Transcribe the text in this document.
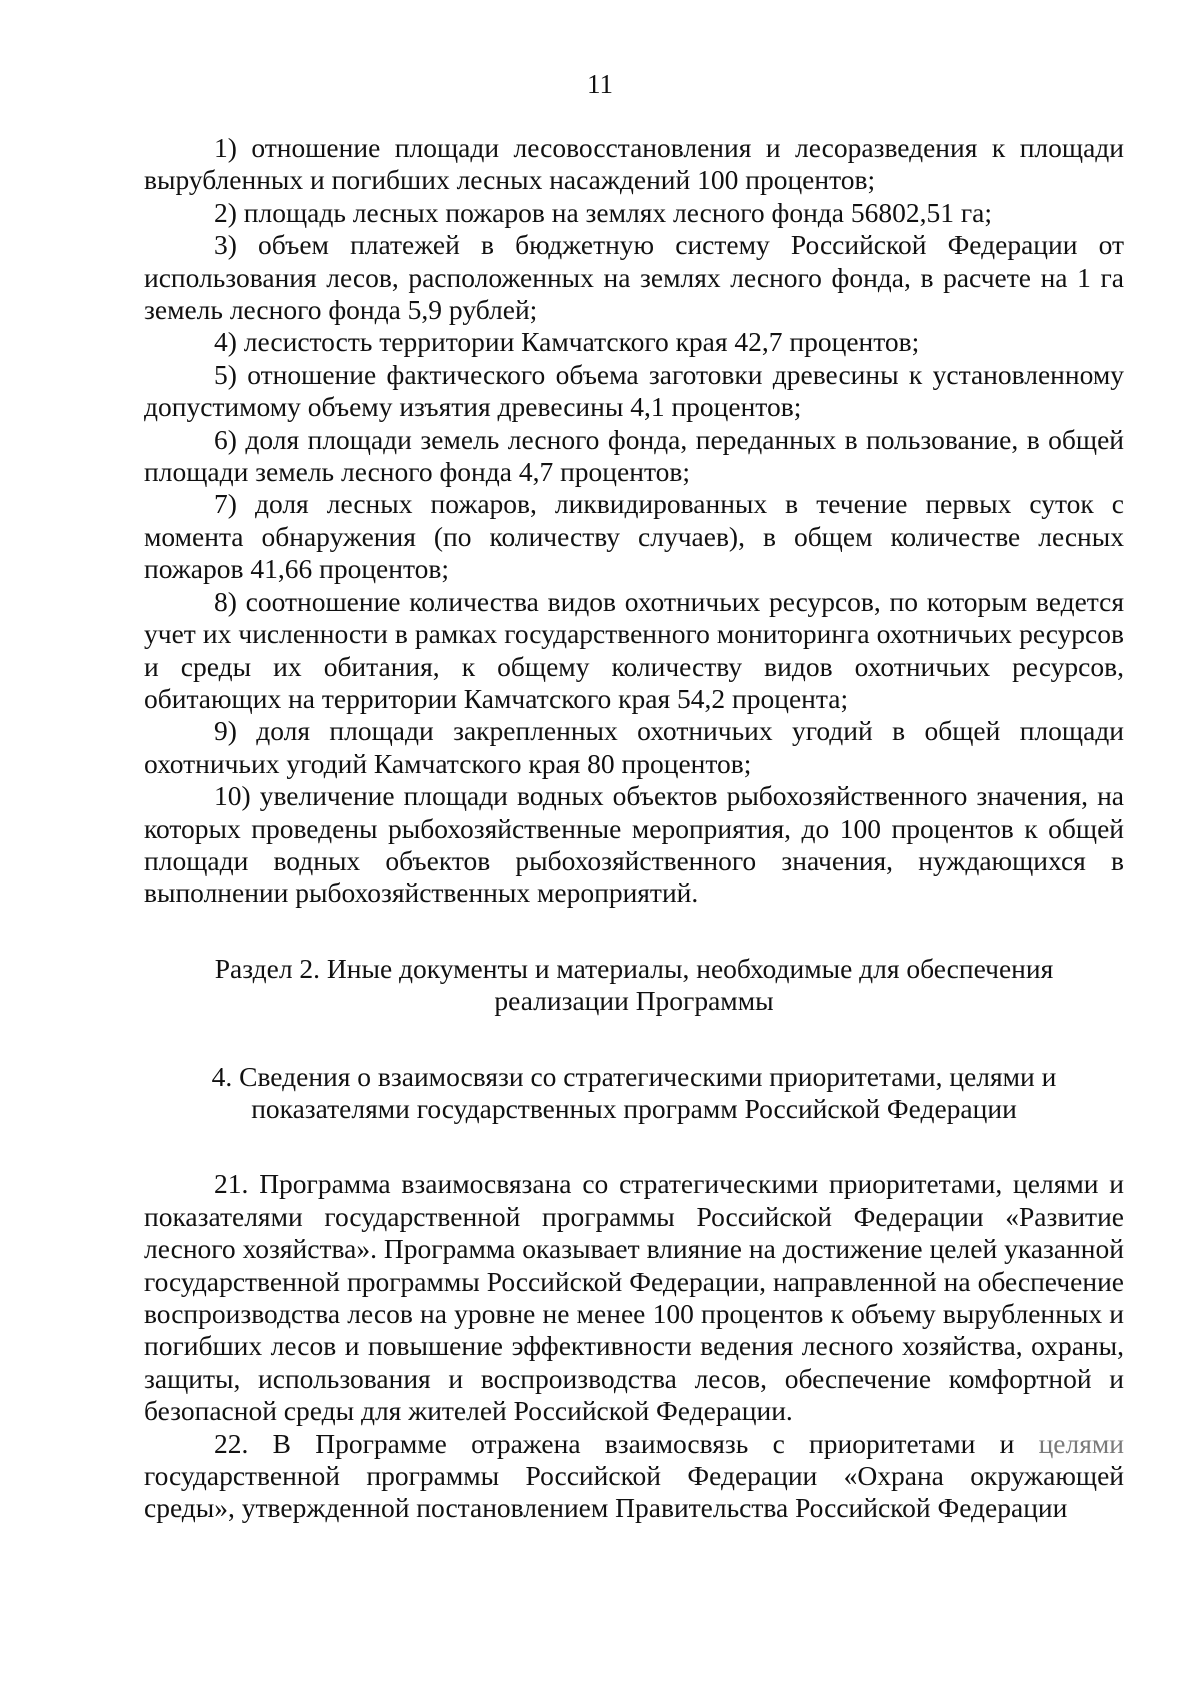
11

1) отношение площади лесовосстановления и лесоразведения к площади вырубленных и погибших лесных насаждений 100 процентов;

2) площадь лесных пожаров на землях лесного фонда 56802,51 га;

3) объем платежей в бюджетную систему Российской Федерации от использования лесов, расположенных на землях лесного фонда, в расчете на 1 га земель лесного фонда 5,9 рублей;

4) лесистость территории Камчатского края 42,7 процентов;

5) отношение фактического объема заготовки древесины к установленному допустимому объему изъятия древесины 4,1 процентов;

6) доля площади земель лесного фонда, переданных в пользование, в общей площади земель лесного фонда 4,7 процентов;

7) доля лесных пожаров, ликвидированных в течение первых суток с момента обнаружения (по количеству случаев), в общем количестве лесных пожаров 41,66 процентов;

8) соотношение количества видов охотничьих ресурсов, по которым ведется учет их численности в рамках государственного мониторинга охотничьих ресурсов и среды их обитания, к общему количеству видов охотничьих ресурсов, обитающих на территории Камчатского края 54,2 процента;

9) доля площади закрепленных охотничьих угодий в общей площади охотничьих угодий Камчатского края 80 процентов;

10) увеличение площади водных объектов рыбохозяйственного значения, на которых проведены рыбохозяйственные мероприятия, до 100 процентов к общей площади водных объектов рыбохозяйственного значения, нуждающихся в выполнении рыбохозяйственных мероприятий.

Раздел 2. Иные документы и материалы, необходимые для обеспечения

реализации Программы

4. Сведения о взаимосвязи со стратегическими приоритетами, целями и

показателями государственных программ Российской Федерации

21. Программа взаимосвязана со стратегическими приоритетами, целями и показателями государственной программы Российской Федерации «Развитие лесного хозяйства». Программа оказывает влияние на достижение целей указанной государственной программы Российской Федерации, направленной на обеспечение воспроизводства лесов на уровне не менее 100 процентов к объему вырубленных и погибших лесов и повышение эффективности ведения лесного хозяйства, охраны, защиты, использования и воспроизводства лесов, обеспечение комфортной и безопасной среды для жителей Российской Федерации.

22. В Программе отражена взаимосвязь с приоритетами и целями государственной программы Российской Федерации «Охрана окружающей среды», утвержденной постановлением Правительства Российской Федерации
